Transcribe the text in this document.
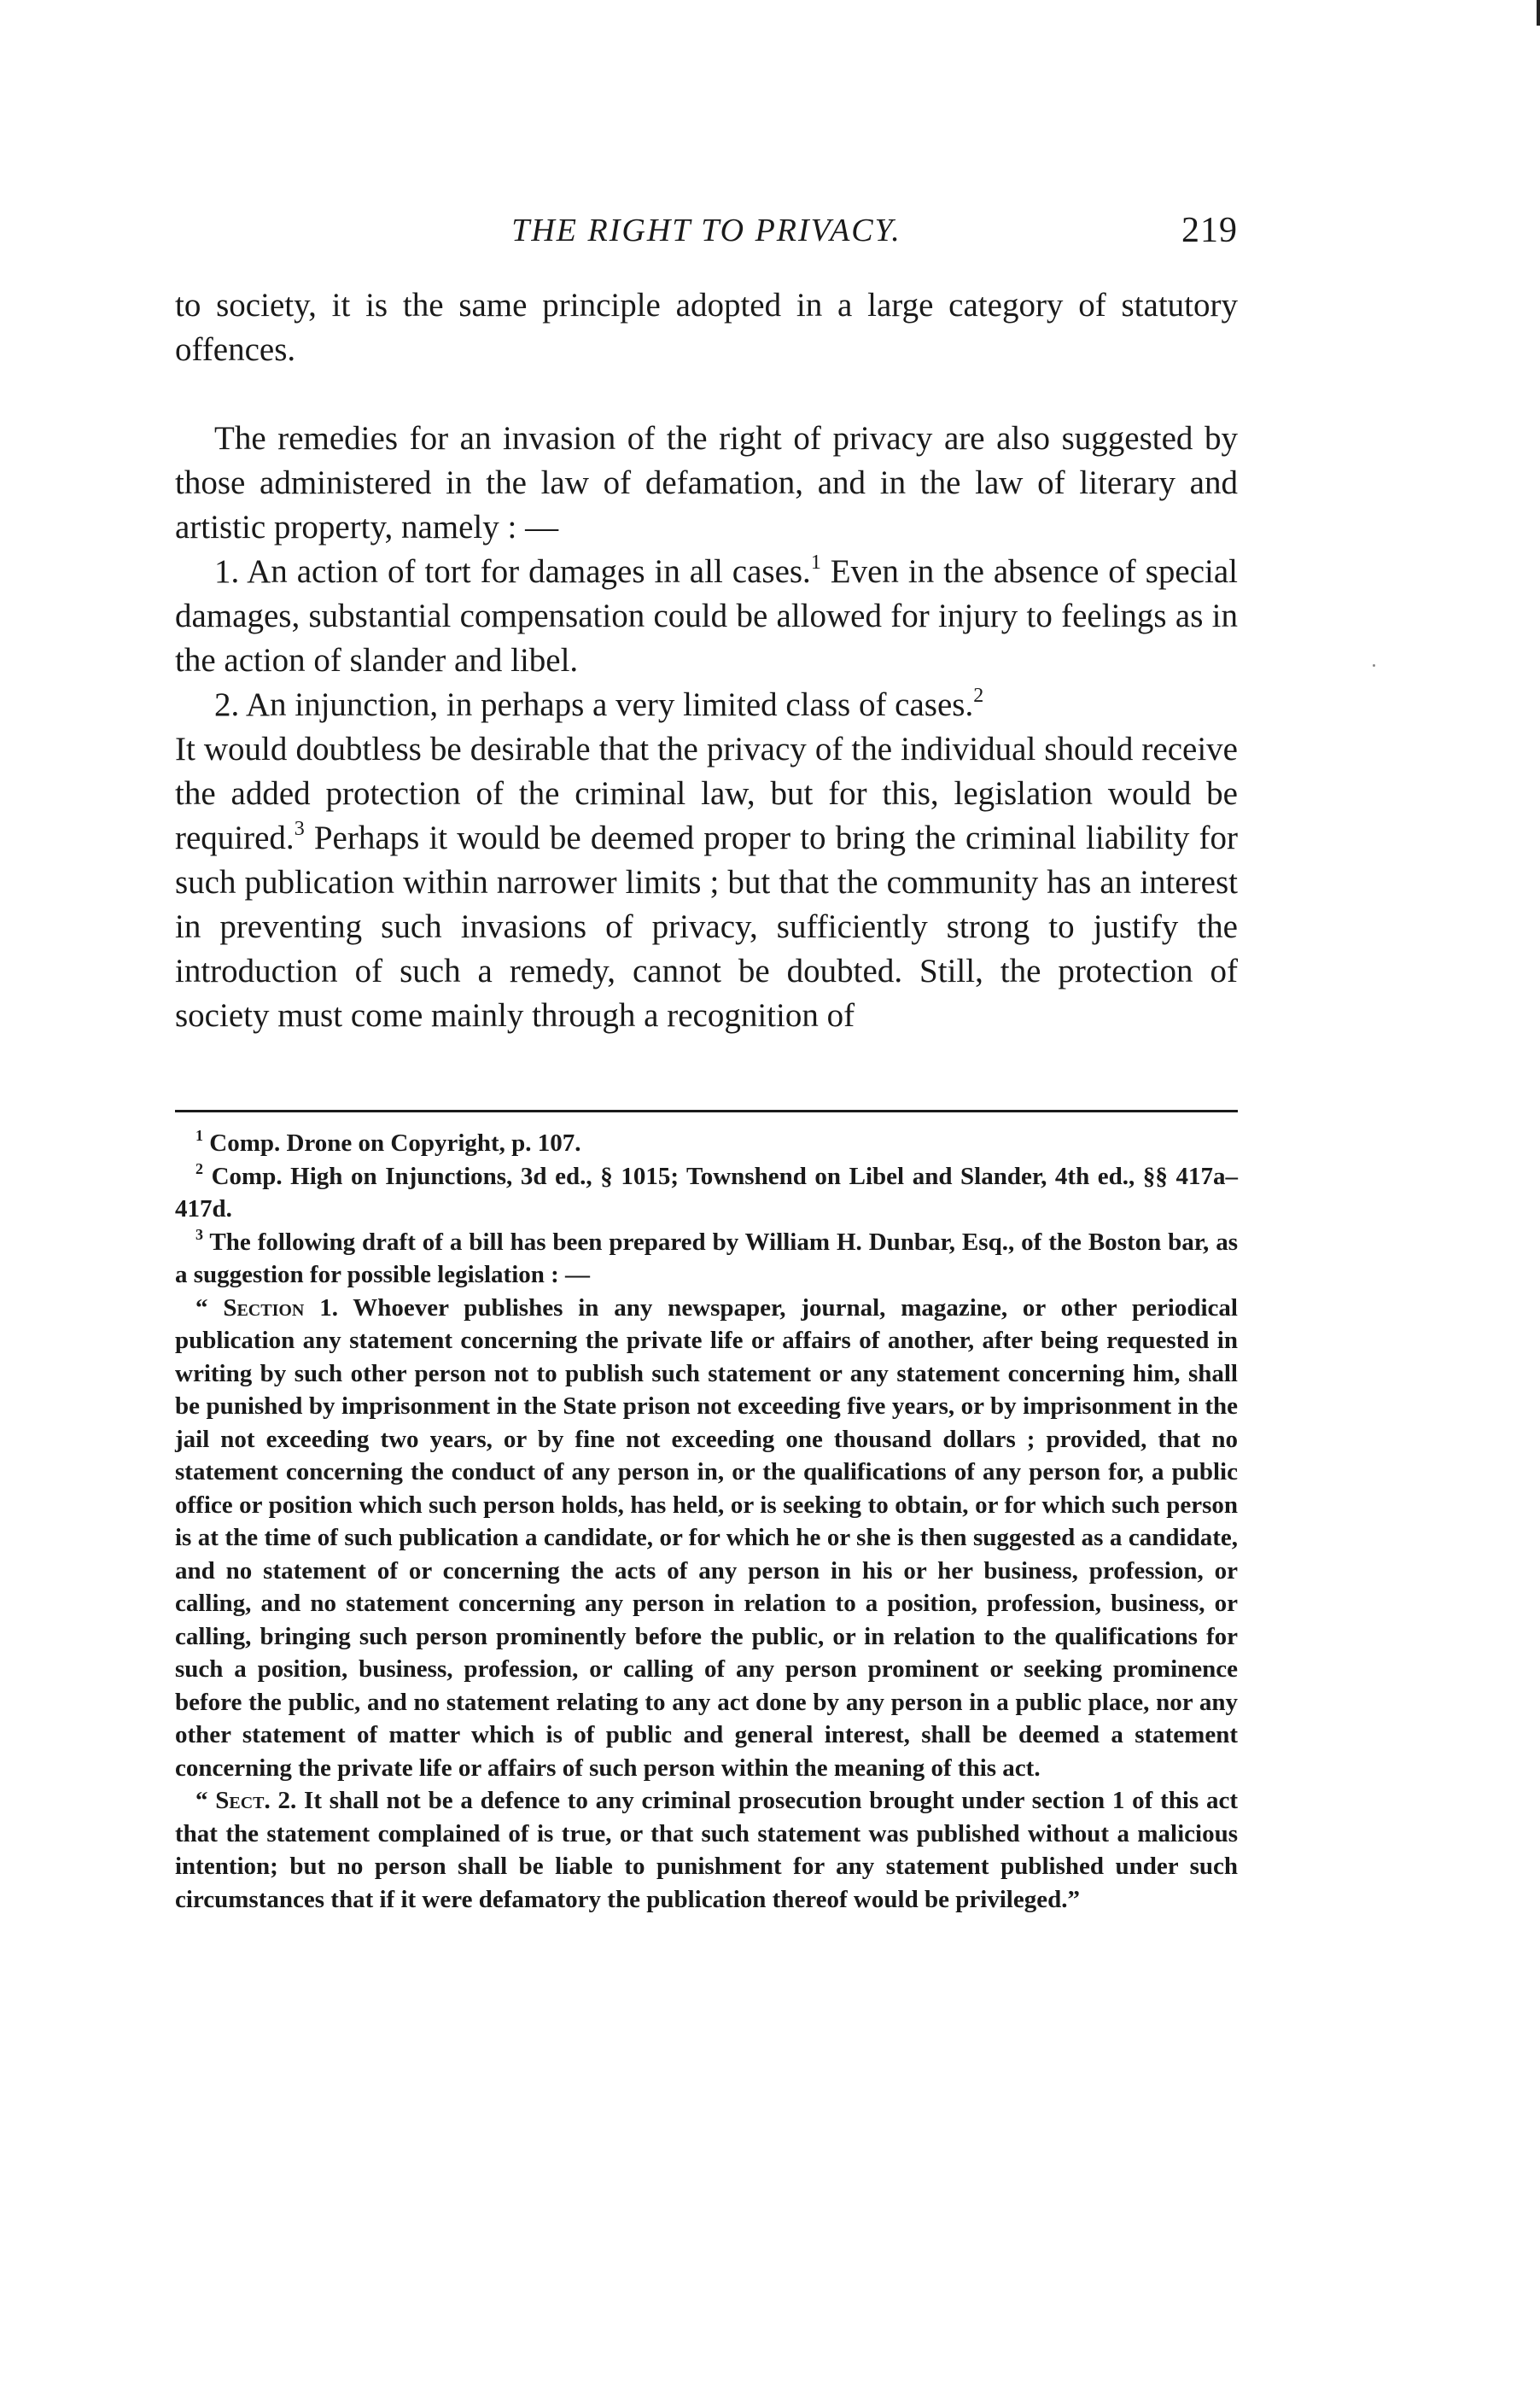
THE RIGHT TO PRIVACY.	219

to society, it is the same principle adopted in a large category of statutory offences.

The remedies for an invasion of the right of privacy are also suggested by those administered in the law of defamation, and in the law of literary and artistic property, namely : —

1. An action of tort for damages in all cases.$^1$ Even in the absence of special damages, substantial compensation could be allowed for injury to feelings as in the action of slander and libel.

2. An injunction, in perhaps a very limited class of cases.$^2$

It would doubtless be desirable that the privacy of the individual should receive the added protection of the criminal law, but for this, legislation would be required.$^3$ Perhaps it would be deemed proper to bring the criminal liability for such publication within narrower limits ; but that the community has an interest in preventing such invasions of privacy, sufficiently strong to justify the introduction of such a remedy, cannot be doubted. Still, the protection of society must come mainly through a recognition of

$^1$ Comp. Drone on Copyright, p. 107.

$^2$ Comp. High on Injunctions, 3d ed., § 1015; Townshend on Libel and Slander, 4th ed., §§ 417a–417d.

$^3$ The following draft of a bill has been prepared by William H. Dunbar, Esq., of the Boston bar, as a suggestion for possible legislation : —

“ Section 1. Whoever publishes in any newspaper, journal, magazine, or other periodical publication any statement concerning the private life or affairs of another, after being requested in writing by such other person not to publish such statement or any statement concerning him, shall be punished by imprisonment in the State prison not exceeding five years, or by imprisonment in the jail not exceeding two years, or by fine not exceeding one thousand dollars ; provided, that no statement concerning the conduct of any person in, or the qualifications of any person for, a public office or position which such person holds, has held, or is seeking to obtain, or for which such person is at the time of such publication a candidate, or for which he or she is then suggested as a candidate, and no statement of or concerning the acts of any person in his or her business, profession, or calling, and no statement concerning any person in relation to a position, profession, business, or calling, bringing such person prominently before the public, or in relation to the qualifications for such a position, business, profession, or calling of any person prominent or seeking prominence before the public, and no statement relating to any act done by any person in a public place, nor any other statement of matter which is of public and general interest, shall be deemed a statement concerning the private life or affairs of such person within the meaning of this act.

“ Sect. 2. It shall not be a defence to any criminal prosecution brought under section 1 of this act that the statement complained of is true, or that such statement was published without a malicious intention; but no person shall be liable to punishment for any statement published under such circumstances that if it were defamatory the publication thereof would be privileged.”
